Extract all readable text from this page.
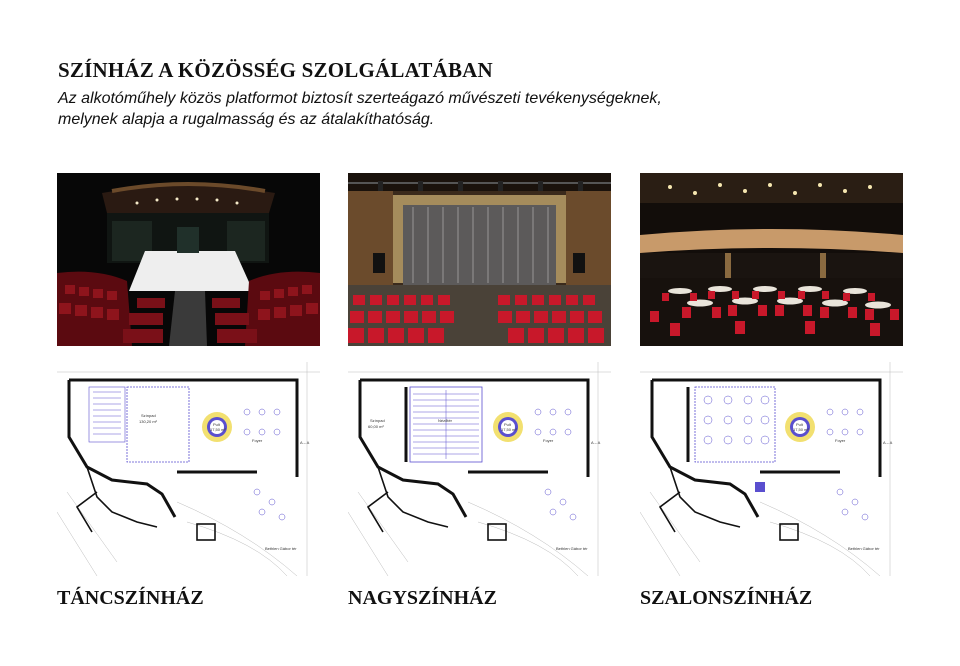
SZÍNHÁZ A KÖZÖSSÉG SZOLGÁLATÁBAN
Az alkotóműhely közös platformot biztosít szerteágazó művészeti tevékenységeknek,
melynek alapja a rugalmasság és az átalakíthatóság.
Színpad
130,20 m²
Pult
17,50 m²
Foyer
Bethlen Gábor tér
A – A
Színpad
60,00 m²
Nézőtér
Pult
17,50 m²
Foyer
Bethlen Gábor tér
A – A
Pult
17,50 m²
Foyer
Bethlen Gábor tér
A – A
TÁNCSZÍNHÁZ	NAGYSZÍNHÁZ	SZALONSZÍNHÁZ
